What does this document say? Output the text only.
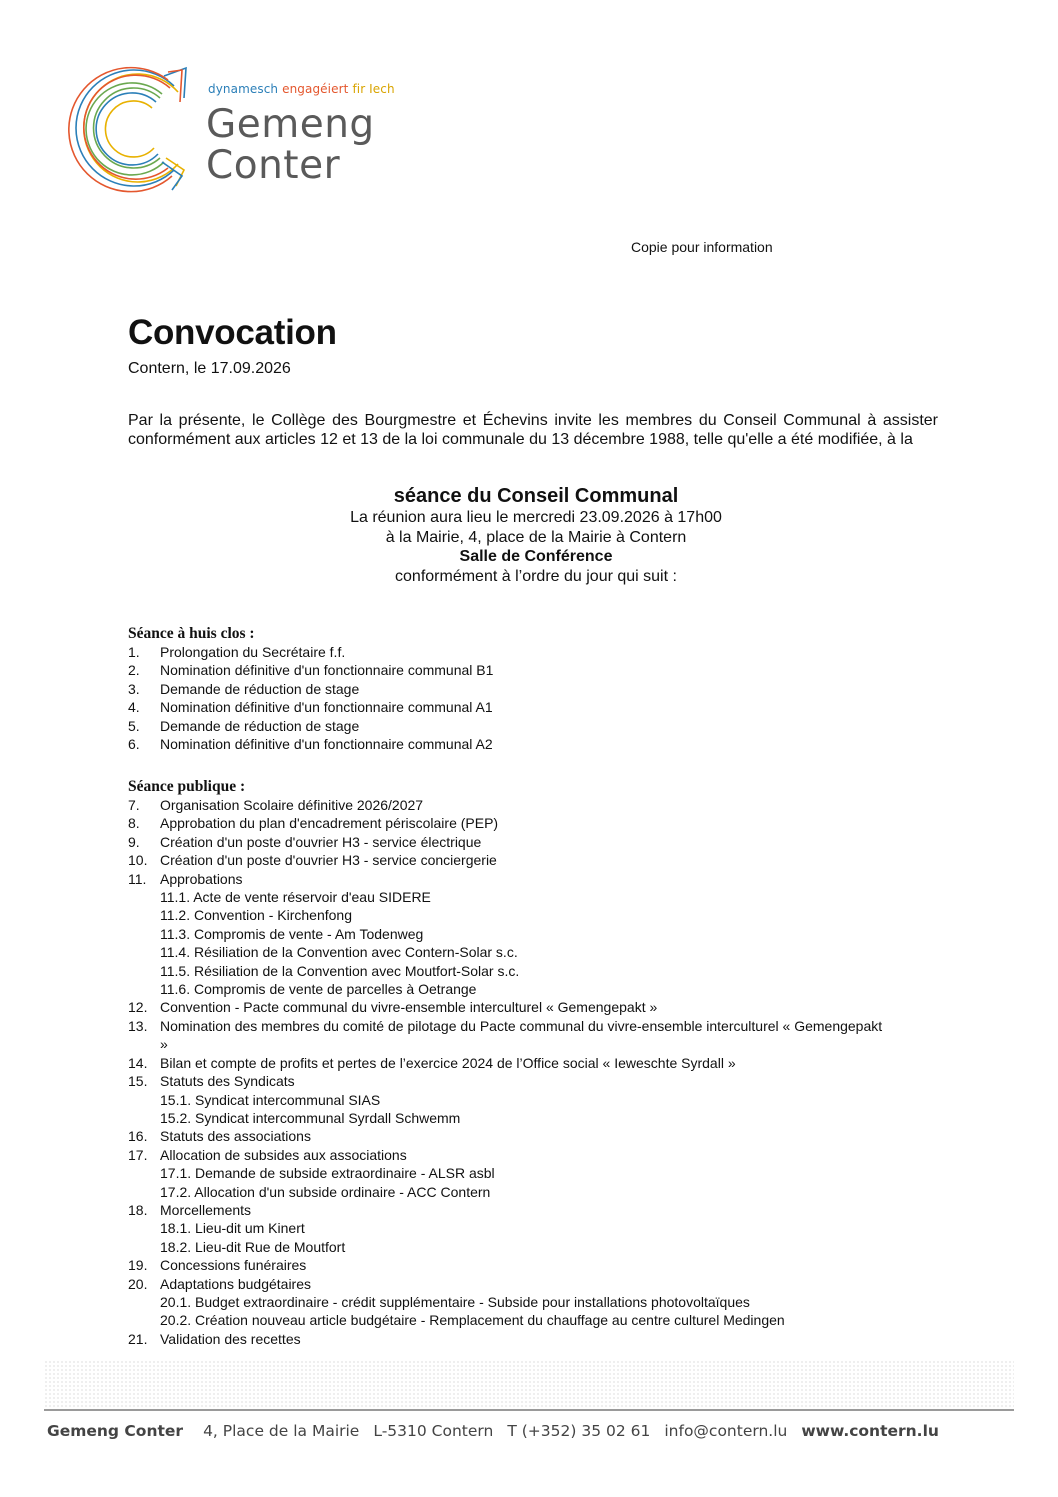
dynamesch engagéiert fir Iech
Gemeng
Conter
Copie pour information
Convocation
Contern, le 17.09.2026

Par la présente, le Collège des Bourgmestre et Échevins invite les membres du Conseil Communal à assister conformément aux articles 12 et 13 de la loi communale du 13 décembre 1988, telle qu'elle a été modifiée, à la

séance du Conseil Communal
La réunion aura lieu le mercredi 23.09.2026 à 17h00
à la Mairie, 4, place de la Mairie à Contern
Salle de Conférence
conformément à l’ordre du jour qui suit :
Séance à huis clos :
1. Prolongation du Secrétaire f.f.
2. Nomination définitive d'un fonctionnaire communal B1
3. Demande de réduction de stage
4. Nomination définitive d'un fonctionnaire communal A1
5. Demande de réduction de stage
6. Nomination définitive d'un fonctionnaire communal A2
Séance publique :
7. Organisation Scolaire définitive 2026/2027
8. Approbation du plan d'encadrement périscolaire (PEP)
9. Création d'un poste d'ouvrier H3 - service électrique
10. Création d'un poste d'ouvrier H3 - service conciergerie
11. Approbations
11.1. Acte de vente réservoir d'eau SIDERE
11.2. Convention - Kirchenfong
11.3. Compromis de vente - Am Todenweg
11.4. Résiliation de la Convention avec Contern-Solar s.c.
11.5. Résiliation de la Convention avec Moutfort-Solar s.c.
11.6. Compromis de vente de parcelles à Oetrange
12. Convention - Pacte communal du vivre-ensemble interculturel « Gemengepakt »
13. Nomination des membres du comité de pilotage du Pacte communal du vivre-ensemble interculturel « Gemengepakt »
14. Bilan et compte de profits et pertes de l’exercice 2024 de l’Office social « Ieweschte Syrdall »
15. Statuts des Syndicats
15.1. Syndicat intercommunal SIAS
15.2. Syndicat intercommunal Syrdall Schwemm
16. Statuts des associations
17. Allocation de subsides aux associations
17.1. Demande de subside extraordinaire - ALSR asbl
17.2. Allocation d'un subside ordinaire - ACC Contern
18. Morcellements
18.1. Lieu-dit um Kinert
18.2. Lieu-dit Rue de Moutfort
19. Concessions funéraires
20. Adaptations budgétaires
20.1. Budget extraordinaire - crédit supplémentaire - Subside pour installations photovoltaïques
20.2. Création nouveau article budgétaire - Remplacement du chauffage au centre culturel Medingen
21. Validation des recettes
Gemeng Conter 4, Place de la Mairie L-5310 Contern T (+352) 35 02 61 info@contern.lu www.contern.lu
